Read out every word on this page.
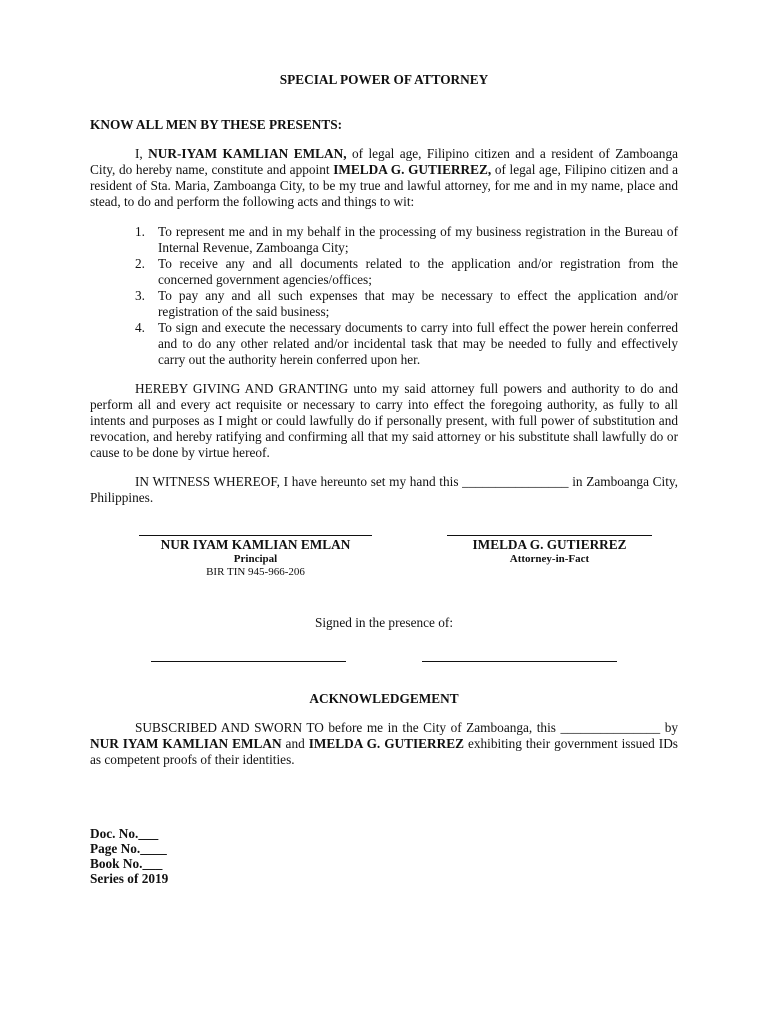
SPECIAL POWER OF ATTORNEY
KNOW ALL MEN BY THESE PRESENTS:

I, NUR-IYAM KAMLIAN EMLAN, of legal age, Filipino citizen and a resident of Zamboanga City, do hereby name, constitute and appoint IMELDA G. GUTIERREZ, of legal age, Filipino citizen and a resident of Sta. Maria, Zamboanga City, to be my true and lawful attorney, for me and in my name, place and stead, to do and perform the following acts and things to wit:

1. To represent me and in my behalf in the processing of my business registration in the Bureau of Internal Revenue, Zamboanga City;
2. To receive any and all documents related to the application and/or registration from the concerned government agencies/offices;
3. To pay any and all such expenses that may be necessary to effect the application and/or registration of the said business;
4. To sign and execute the necessary documents to carry into full effect the power herein conferred and to do any other related and/or incidental task that may be needed to fully and effectively carry out the authority herein conferred upon her.

HEREBY GIVING AND GRANTING unto my said attorney full powers and authority to do and perform all and every act requisite or necessary to carry into effect the foregoing authority, as fully to all intents and purposes as I might or could lawfully do if personally present, with full power of substitution and revocation, and hereby ratifying and confirming all that my said attorney or his substitute shall lawfully do or cause to be done by virtue hereof.

IN WITNESS WHEREOF, I have hereunto set my hand this ________________ in Zamboanga City, Philippines.

NUR IYAM KAMLIAN EMLAN
Principal
BIR TIN 945-966-206
IMELDA G. GUTIERREZ
Attorney-in-Fact
Signed in the presence of:
ACKNOWLEDGEMENT

SUBSCRIBED AND SWORN TO before me in the City of Zamboanga, this _______________ by NUR IYAM KAMLIAN EMLAN and IMELDA G. GUTIERREZ exhibiting their government issued IDs as competent proofs of their identities.

Doc. No.___
Page No.____
Book No.___
Series of 2019
